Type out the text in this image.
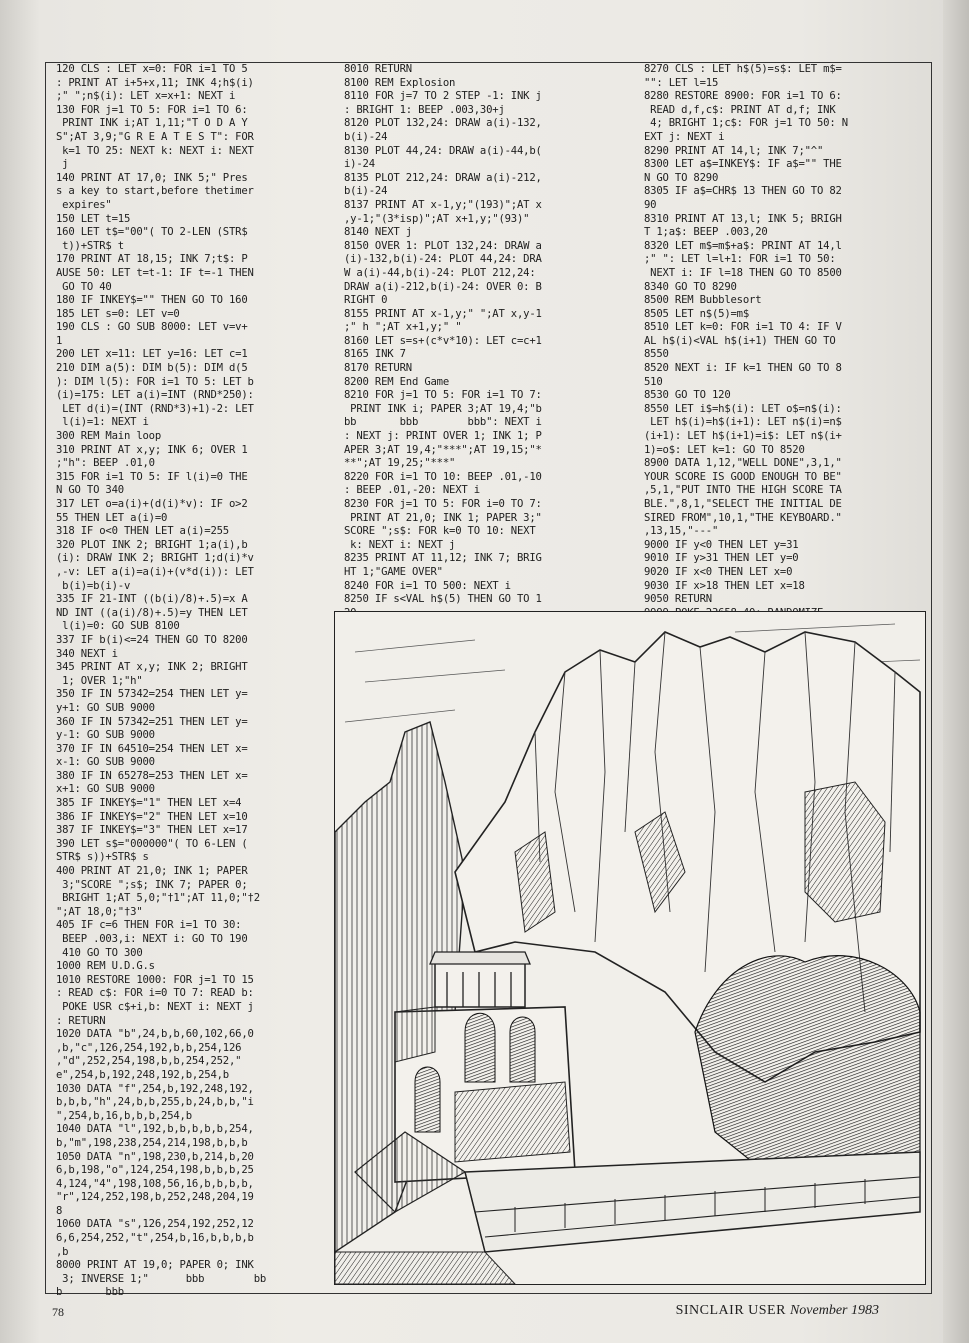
120 CLS : LET x=0: FOR i=1 TO 5
: PRINT AT i+5+x,11; INK 4;h$(i)
;" ";n$(i): LET x=x+1: NEXT i
130 FOR j=1 TO 5: FOR i=1 TO 6:
PRINT INK i;AT 1,11;"T O D A Y
S";AT 3,9;"G R E A T E S T": FOR
k=1 TO 25: NEXT k: NEXT i: NEXT
j
140 PRINT AT 17,0; INK 5;" Pres
s a key to start,before thetimer
expires"
150 LET t=15
160 LET t$="00"( TO 2-LEN (STR$
t))+STR$ t
170 PRINT AT 18,15; INK 7;t$: P
AUSE 50: LET t=t-1: IF t=-1 THEN
GO TO 40
180 IF INKEY$="" THEN GO TO 160
185 LET s=0: LET v=0
190 CLS : GO SUB 8000: LET v=v+
1
200 LET x=11: LET y=16: LET c=1
210 DIM a(5): DIM b(5): DIM d(5
): DIM l(5): FOR i=1 TO 5: LET b
(i)=175: LET a(i)=INT (RND*250):
LET d(i)=(INT (RND*3)+1)-2: LET
l(i)=1: NEXT i
300 REM Main loop
310 PRINT AT x,y; INK 6; OVER 1
;"h": BEEP .01,0
315 FOR i=1 TO 5: IF l(i)=0 THE
N GO TO 340
317 LET o=a(i)+(d(i)*v): IF o>2
55 THEN LET a(i)=0
318 IF o<0 THEN LET a(i)=255
320 PLOT INK 2; BRIGHT 1;a(i),b
(i): DRAW INK 2; BRIGHT 1;d(i)*v
,-v: LET a(i)=a(i)+(v*d(i)): LET
b(i)=b(i)-v
335 IF 21-INT ((b(i)/8)+.5)=x A
ND INT ((a(i)/8)+.5)=y THEN LET
l(i)=0: GO SUB 8100
337 IF b(i)<=24 THEN GO TO 8200
340 NEXT i
345 PRINT AT x,y; INK 2; BRIGHT
1; OVER 1;"h"
350 IF IN 57342=254 THEN LET y=
y+1: GO SUB 9000
360 IF IN 57342=251 THEN LET y=
y-1: GO SUB 9000
370 IF IN 64510=254 THEN LET x=
x-1: GO SUB 9000
380 IF IN 65278=253 THEN LET x=
x+1: GO SUB 9000
385 IF INKEY$="1" THEN LET x=4
386 IF INKEY$="2" THEN LET x=10
387 IF INKEY$="3" THEN LET x=17
390 LET s$="000000"( TO 6-LEN (
STR$ s))+STR$ s
400 PRINT AT 21,0; INK 1; PAPER
3;"SCORE ";s$; INK 7; PAPER 0;
BRIGHT 1;AT 5,0;"†1";AT 11,0;"†2
";AT 18,0;"†3"
405 IF c=6 THEN FOR i=1 TO 30:
BEEP .003,i: NEXT i: GO TO 190
410 GO TO 300
1000 REM U.D.G.s
1010 RESTORE 1000: FOR j=1 TO 15
: READ c$: FOR i=0 TO 7: READ b:
POKE USR c$+i,b: NEXT i: NEXT j
: RETURN
1020 DATA "b",24,b,b,60,102,66,0
,b,"c",126,254,192,b,b,254,126
,"d",252,254,198,b,b,254,252,"
e",254,b,192,248,192,b,254,b
1030 DATA "f",254,b,192,248,192,
b,b,b,"h",24,b,b,255,b,24,b,b,"i
",254,b,16,b,b,b,254,b
1040 DATA "l",192,b,b,b,b,b,254,
b,"m",198,238,254,214,198,b,b,b
1050 DATA "n",198,230,b,214,b,20
6,b,198,"o",124,254,198,b,b,b,25
4,124,"4",198,108,56,16,b,b,b,b,
"r",124,252,198,b,252,248,204,19
8
1060 DATA "s",126,254,192,252,12
6,6,254,252,"t",254,b,16,b,b,b,b
,b
8000 PRINT AT 19,0; PAPER 0; INK
3; INVERSE 1;"      bbb        bb
b       bbb
8010 RETURN
8100 REM Explosion
8110 FOR j=7 TO 2 STEP -1: INK j
: BRIGHT 1: BEEP .003,30+j
8120 PLOT 132,24: DRAW a(i)-132,
b(i)-24
8130 PLOT 44,24: DRAW a(i)-44,b(
i)-24
8135 PLOT 212,24: DRAW a(i)-212,
b(i)-24
8137 PRINT AT x-1,y;"(193)";AT x
,y-1;"(3*isp)";AT x+1,y;"(93)"
8140 NEXT j
8150 OVER 1: PLOT 132,24: DRAW a
(i)-132,b(i)-24: PLOT 44,24: DRA
W a(i)-44,b(i)-24: PLOT 212,24:
DRAW a(i)-212,b(i)-24: OVER 0: B
RIGHT 0
8155 PRINT AT x-1,y;" ";AT x,y-1
;" h ";AT x+1,y;" "
8160 LET s=s+(c*v*10): LET c=c+1
8165 INK 7
8170 RETURN
8200 REM End Game
8210 FOR j=1 TO 5: FOR i=1 TO 7:
PRINT INK i; PAPER 3;AT 19,4;"b
bb       bbb        bbb": NEXT i
: NEXT j: PRINT OVER 1; INK 1; P
APER 3;AT 19,4;"***";AT 19,15;"*
**";AT 19,25;"***"
8220 FOR i=1 TO 10: BEEP .01,-10
: BEEP .01,-20: NEXT i
8230 FOR j=1 TO 5: FOR i=0 TO 7:
PRINT AT 21,0; INK 1; PAPER 3;"
SCORE ";s$: FOR k=0 TO 10: NEXT
k: NEXT i: NEXT j
8235 PRINT AT 11,12; INK 7; BRIG
HT 1;"GAME OVER"
8240 FOR i=1 TO 500: NEXT i
8250 IF s<VAL h$(5) THEN GO TO 1
8270 CLS : LET h$(5)=s$: LET m$=
"": LET l=15
8280 RESTORE 8900: FOR i=1 TO 6:
READ d,f,c$: PRINT AT d,f; INK
4; BRIGHT 1;c$: FOR j=1 TO 50: N
EXT j: NEXT i
8290 PRINT AT 14,l; INK 7;"^"
8300 LET a$=INKEY$: IF a$="" THE
N GO TO 8290
8305 IF a$=CHR$ 13 THEN GO TO 82
90
8310 PRINT AT 13,l; INK 5; BRIGH
T 1;a$: BEEP .003,20
8320 LET m$=m$+a$: PRINT AT 14,l
;" ": LET l=l+1: FOR i=1 TO 50:
NEXT i: IF l=18 THEN GO TO 8500
8340 GO TO 8290
8500 REM Bubblesort
8505 LET n$(5)=m$
8510 LET k=0: FOR i=1 TO 4: IF V
AL h$(i)<VAL h$(i+1) THEN GO TO
8550
8520 NEXT i: IF k=1 THEN GO TO 8
510
8530 GO TO 120
8550 LET i$=h$(i): LET o$=n$(i):
LET h$(i)=h$(i+1): LET n$(i)=n$
(i+1): LET h$(i+1)=i$: LET n$(i+
1)=o$: LET k=1: GO TO 8520
8900 DATA 1,12,"WELL DONE",3,1,"
YOUR SCORE IS GOOD ENOUGH TO BE"
,5,1,"PUT INTO THE HIGH SCORE TA
BLE.",8,1,"SELECT THE INITIAL DE
SIRED FROM",10,1,"THE KEYBOARD."
,13,15,"---"
9000 IF y<0 THEN LET y=31
9010 IF y>31 THEN LET y=0
9020 IF x<0 THEN LET x=0
9030 IF x>18 THEN LET x=18
9050 RETURN
78	SINCLAIR USER November 1983
